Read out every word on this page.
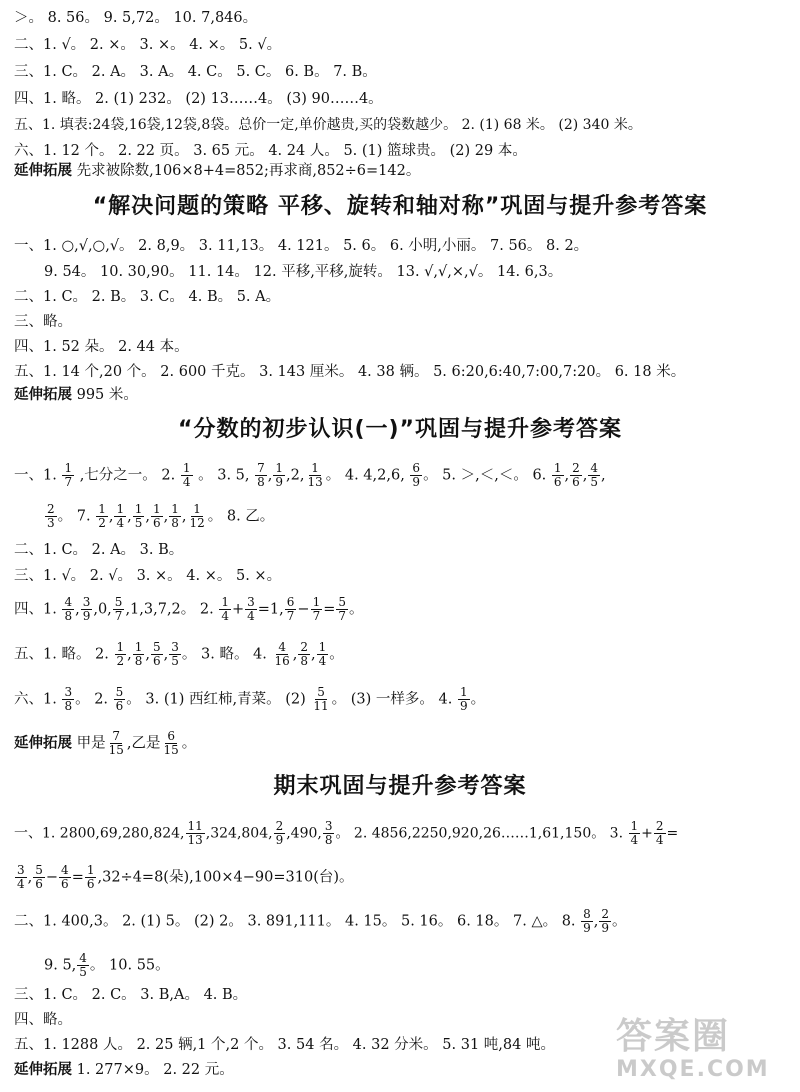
＞。 8. 56。 9. 5,72。 10. 7,846。
二、1. √。 2. ×。 3. ×。 4. ×。 5. √。
三、1. C。 2. A。 3. A。 4. C。 5. C。 6. B。 7. B。
四、1. 略。 2. (1) 232。 (2) 13……4。 (3) 90……4。
五、1. 填表:24袋,16袋,12袋,8袋。总价一定,单价越贵,买的袋数越少。 2. (1) 68 米。 (2) 340 米。
六、1. 12 个。 2. 22 页。 3. 65 元。 4. 24 人。 5. (1) 篮球贵。 (2) 29 本。
延伸拓展 先求被除数,106×8+4=852;再求商,852÷6=142。
“解决问题的策略 平移、旋转和轴对称”巩固与提升参考答案
一、1. ○,√,○,√。 2. 8,9。 3. 11,13。 4. 121。 5. 6。 6. 小明,小丽。 7. 56。 8. 2。
9. 54。 10. 30,90。 11. 14。 12. 平移,平移,旋转。 13. √,√,×,√。 14. 6,3。
二、1. C。 2. B。 3. C。 4. B。 5. A。
三、略。
四、1. 52 朵。 2. 44 本。
五、1. 14 个,20 个。 2. 600 千克。 3. 143 厘米。 4. 38 辆。 5. 6:20,6:40,7:00,7:20。 6. 18 米。
延伸拓展 995 米。
“分数的初步认识(一)”巩固与提升参考答案
一、1. $\frac{1}{7}$ ,七分之一。 2. $\frac{1}{4}$ 。 3. 5, $\frac{7}{8}$ , $\frac{1}{9} ,2$, $\frac{1}{13}$ 。 4. 4,2,6, $\frac{6}{9}$ 。 5. ＞,＜,＜。 6. $\frac{1}{6}$ , $\frac{2}{6}$ , $\frac{4}{5}$ ,
$\frac{2}{3}$ 。 7. $\frac{1}{2}$ , $\frac{1}{4}$ , $\frac{1}{5}$ , $\frac{1}{6}$ , $\frac{1}{8}$ , $\frac{1}{12}$ 。 8. 乙。
二、1. C。 2. A。 3. B。
三、1. √。 2. √。 3. ×。 4. ×。 5. ×。
四、1. $\frac{4}{8}$ , $\frac{3}{9} ,0$, $\frac{5}{7} ,1,3,7,2$。 2. $\frac{1}{4} + \frac{3}{4} =1$, $\frac{6}{7} - \frac{1}{7} = \frac{5}{7}$ 。
五、1. 略。 2. $\frac{1}{2}$ , $\frac{1}{8}$ , $\frac{5}{6}$ , $\frac{3}{5}$ 。 3. 略。 4. $\frac{4}{16}$ , $\frac{2}{8}$ , $\frac{1}{4}$ 。
六、1. $\frac{3}{8}$ 。 2. $\frac{5}{6}$ 。 3. (1) 西红柿,青菜。 $(2) \frac{5}{11}$ 。 (3) 一样多。 4. $\frac{1}{9}$ 。
延伸拓展 甲是 $\frac{7}{15}$ ,乙是 $\frac{6}{15}$ 。
期末巩固与提升参考答案
一、1. 2800,69,280,824, $\frac{11}{13} ,324,804$, $\frac{2}{9} ,490$, $\frac{3}{8}$ 。 2. 4856,2250,920,26……1,61,150。 3. $\frac{1}{4} + \frac{2}{4}$ =
$\frac{3}{4}$ , $\frac{5}{6} - \frac{4}{6} = \frac{1}{6} ,32\div 4=8$(朵),100×4−90=310(台)。
二、1. 400,3。 2. (1) 5。 (2) 2。 3. 891,111。 4. 15。 5. 16。 6. 18。 7. △。 8. $\frac{8}{9}$ , $\frac{2}{9}$ 。
9. 5, $\frac{4}{5}$ 。 10. 55。
三、1. C。 2. C。 3. B,A。 4. B。
四、略。
五、1. 1288 人。 2. 25 辆,1 个,2 个。 3. 54 名。 4. 32 分米。 5. 31 吨,84 吨。
延伸拓展 1. 277×9。 2. 22 元。
答案圈
MXQE.COM
